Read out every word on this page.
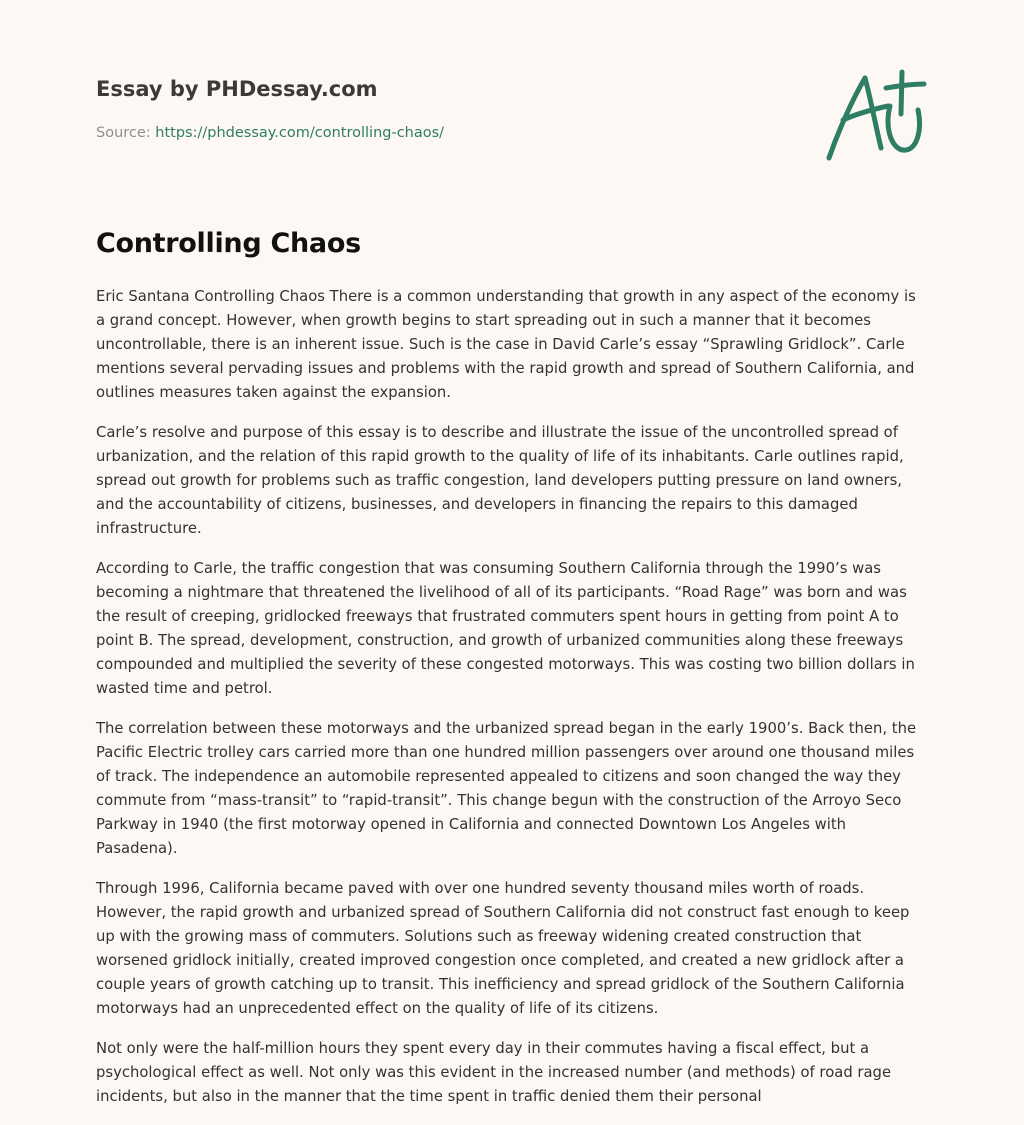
Essay by PHDessay.com
Source: https://phdessay.com/controlling-chaos/
Controlling Chaos

Eric Santana Controlling Chaos There is a common understanding that growth in any aspect of the economy is a grand concept. However, when growth begins to start spreading out in such a manner that it becomes uncontrollable, there is an inherent issue. Such is the case in David Carle’s essay “Sprawling Gridlock”. Carle mentions several pervading issues and problems with the rapid growth and spread of Southern California, and outlines measures taken against the expansion.

Carle’s resolve and purpose of this essay is to describe and illustrate the issue of the uncontrolled spread of urbanization, and the relation of this rapid growth to the quality of life of its inhabitants. Carle outlines rapid, spread out growth for problems such as traffic congestion, land developers putting pressure on land owners, and the accountability of citizens, businesses, and developers in financing the repairs to this damaged infrastructure.

According to Carle, the traffic congestion that was consuming Southern California through the 1990’s was becoming a nightmare that threatened the livelihood of all of its participants. “Road Rage” was born and was the result of creeping, gridlocked freeways that frustrated commuters spent hours in getting from point A to point B. The spread, development, construction, and growth of urbanized communities along these freeways compounded and multiplied the severity of these congested motorways. This was costing two billion dollars in wasted time and petrol.

The correlation between these motorways and the urbanized spread began in the early 1900’s. Back then, the Pacific Electric trolley cars carried more than one hundred million passengers over around one thousand miles of track. The independence an automobile represented appealed to citizens and soon changed the way they commute from “mass-transit” to “rapid-transit”. This change begun with the construction of the Arroyo Seco Parkway in 1940 (the first motorway opened in California and connected Downtown Los Angeles with Pasadena).

Through 1996, California became paved with over one hundred seventy thousand miles worth of roads. However, the rapid growth and urbanized spread of Southern California did not construct fast enough to keep up with the growing mass of commuters. Solutions such as freeway widening created construction that worsened gridlock initially, created improved congestion once completed, and created a new gridlock after a couple years of growth catching up to transit. This inefficiency and spread gridlock of the Southern California motorways had an unprecedented effect on the quality of life of its citizens.

Not only were the half-million hours they spent every day in their commutes having a fiscal effect, but a psychological effect as well. Not only was this evident in the increased number (and methods) of road rage incidents, but also in the manner that the time spent in traffic denied them their personal
